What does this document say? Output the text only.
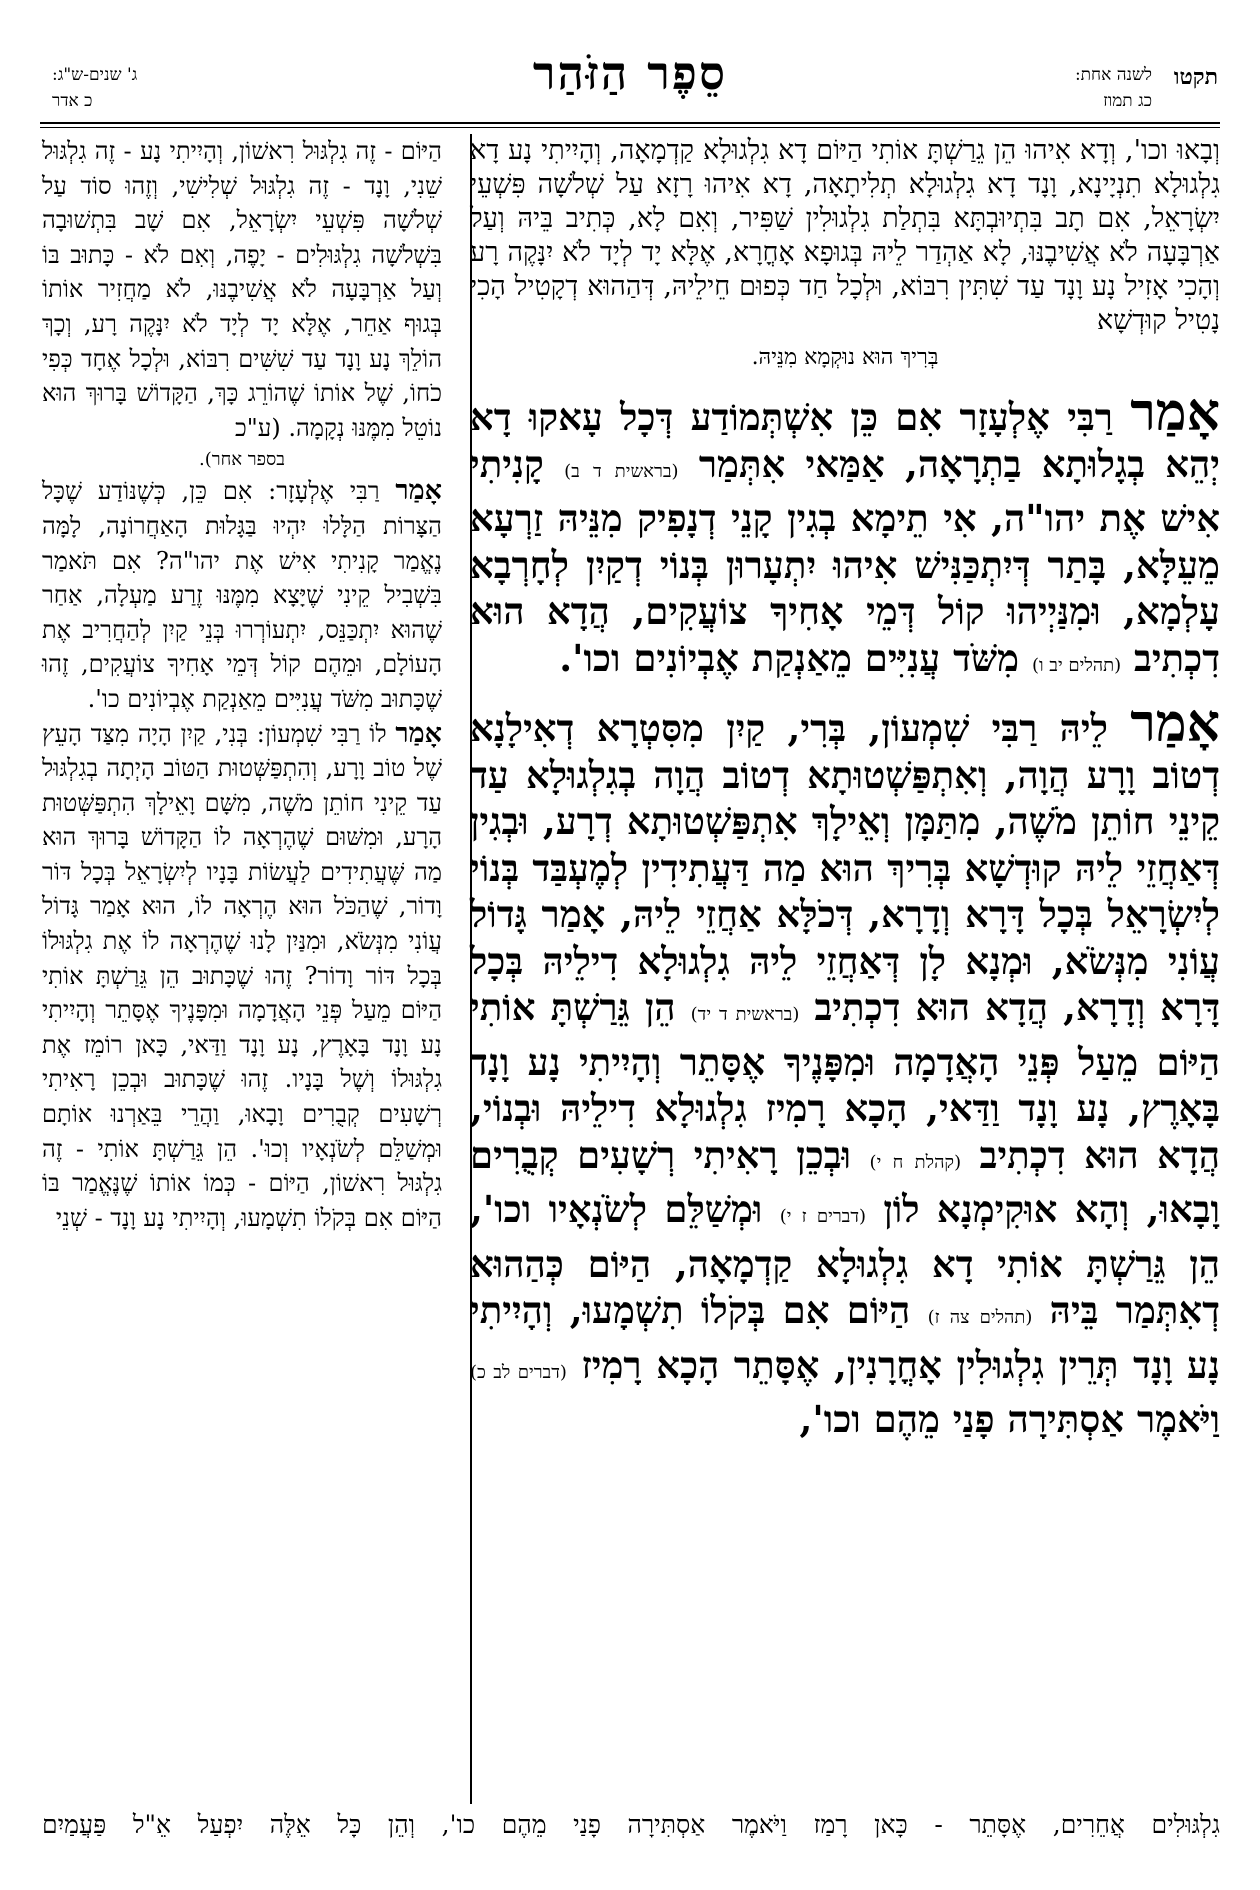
תקטו
לשנה אחת:
כג תמוז
סֵפֶר הַזֹּהַר
ג' שנים-ש"ג:
כ אדר

וְבָאוּ וכו', וְדָא אִיהוּ הֵן גֵרַשְׁתָּ אוֹתִי הַיּוֹם דָא גִלְגוּלָא קַדְמָאָה, וְהָיִיתִי נָע דָא גִלְגוּלָא תִנְיָינָא, וָנָד דָא גִלְגוּלָא תְלִיתָאָה, דָא אִיהוּ רָזָא עַל שְׁלֹשָׁה פִּשְׁעֵי יִשְׂרָאֵל, אִם תָב בִּתְיוּבְתָּא בִּתְלַת גִלְגוּלִין שַׁפִּיר, וְאִם לָא, כְּתִיב בֵּיהּ וְעַל אַרְבָּעָה לֹא אֲשִׁיבֶנּוּ, לָא אַהְדַר לֵיהּ בְּגוּפָא אָחֳרָא, אֶלָּא יָד לְיָד לֹא יִנָּקֶה רָע וְהָכִי אָזִיל נָע וָנָד עַד שִׁתִּין רִבּוֹא, וּלְכָל חַד כְּפוּם חֵילֵיהּ, דְּהַהוּא דְקָטִיל הָכִי נָטִיל קוּדְשָׁא

בְּרִיךְ הוּא נוּקְמָא מִנֵּיהּ.

אָמַר רַבִּי אֶלְעָזָר אִם כֵּן אִשְׁתְּמוֹדַע דְּכָל עָאקוּ דָא יְהֵא בְגָלוּתָא בַתְרָאָה, אַמַּאי אִתְּמַר (בראשית ד ב) קָנִיתִי אִישׁ אֶת יהו"ה, אִי תֵימָא בְגִין קָנֵי דְנָפִיק מִנֵּיהּ זַרְעָא מֵעֵלָּא, בָּתַר דְּיִתְכַּנִּישׁ אִיהוּ יִתְעָרוּן בְּנוֹי דְקַיִן לְחָרְבָא עָלְמָא, וּמִנַּיְיהוּ קוֹל דְּמֵי אָחִיךָ צוֹעֲקִים, הֲדָא הוּא דִכְתִיב (תהלים יב ו) מִשֹּׁד עֲנִיִּים מֵאַנְקַת אֶבְיוֹנִים וכו'.

אָמַר לֵיהּ רַבִּי שִׁמְעוֹן, בְּרִי, קַיִן מִסִּטְרָא דְאִילָנָא דְטוֹב וָרָע הֲוָה, וְאִתְפַּשְׁטוּתָא דְטוֹב הֲוָה בְגִלְגוּלָא עַד קֵינֵי חוֹתֵן מֹשֶׁה, מִתַּמָּן וְאֵילָךְ אִתְפַּשְׁטוּתָא דְרָע, וּבְגִין דְּאַחֲזֵי לֵיהּ קוּדְשָׁא בְּרִיךְ הוּא מַה דַּעֲתִידִין לְמֶעְבַּד בְּנוֹי לְיִשְׂרָאֵל בְּכָל דָּרָא וְדָרָא, דְּכֹלָּא אַחֲזֵי לֵיהּ, אָמַר גָּדוֹל עֲוֹנִי מִנְּשֹׂא, וּמְנָא לָן דְּאַחֲזֵי לֵיהּ גִלְגוּלָא דִילֵיהּ בְּכָל דָּרָא וְדָרָא, הֲדָא הוּא דִכְתִיב (בראשית ד יד) הֵן גֵּרַשְׁתָּ אוֹתִי הַיּוֹם מֵעַל פְּנֵי הָאֲדָמָה וּמִפָּנֶיךָ אֶסָּתֵר וְהָיִיתִי נָע וָנָד בָּאָרֶץ, נָע וָנָד וַדַּאי, הָכָא רָמִיז גִלְגוּלָא דִילֵיהּ וּבְנוֹי, הֲדָא הוּא דִכְתִיב (קהלת ח י) וּבְכֵן רָאִיתִי רְשָׁעִים קְבֻרִים וָבָאוּ, וְהָא אוּקִימְנָא לוֹן (דברים ז י) וּמְשַׁלֵּם לְשֹׂנְאָיו וכו', הֵן גֵּרַשְׁתָּ אוֹתִי דָא גִלְגוּלָא קַדְמָאָה, הַיּוֹם כְּהַהוּא דְאִתְּמַר בֵּיהּ (תהלים צה ז) הַיּוֹם אִם בְּקֹלוֹ תִשְׁמָעוּ, וְהָיִיתִי נָע וָנָד תְּרֵין גִלְגוּלִין אָחֳרָנִין, אֶסָּתֵר הָכָא רָמִיז (דברים לב כ) וַיֹּאמֶר אַסְתִּירָה פָנַי מֵהֶם וכו',

הַיּוֹם - זֶה גִלְגּוּל רִאשׁוֹן, וְהָיִיתִי נָע - זֶה גִלְגּוּל שֵׁנִי, וָנָד - זֶה גִלְגּוּל שְׁלִישִׁי, וְזֶהוּ סוֹד עַל שְׁלֹשָׁה פִּשְׁעֵי יִשְׂרָאֵל, אִם שָׁב בִּתְשׁוּבָה בִּשְׁלֹשָׁה גִלְגּוּלִים - יָפֶה, וְאִם לֹא - כָּתוּב בּוֹ וְעַל אַרְבָּעָה לֹא אֲשִׁיבֶנּוּ, לֹא מַחֲזִיר אוֹתוֹ בְּגוּף אַחֵר, אֶלָּא יָד לְיָד לֹא יִנָּקֶה רָע, וְכָךְ הוֹלֵךְ נָע וָנָד עַד שִׁשִּׁים רִבּוֹא, וּלְכָל אֶחָד כְּפִי כֹחוֹ, שֶׁל אוֹתוֹ שֶׁהוֹרֵג כָּךְ, הַקָּדוֹשׁ בָּרוּךְ הוּא נוֹטֵל מִמֶּנּוּ נְקָמָה. (ע"כ

בספר אחר).

אָמַר רַבִּי אֶלְעָזָר: אִם כֵּן, כְּשֶׁנּוֹדַע שֶׁכָּל הַצָּרוֹת הַלָּלוּ יִהְיוּ בַּגָּלוּת הָאַחֲרוֹנָה, לָמָּה נֶאֱמַר קָנִיתִי אִישׁ אֶת יהו"ה? אִם תֹּאמַר בִּשְׁבִיל קֵינִי שֶׁיָּצָא מִמֶּנּוּ זֶרַע מַעְלָה, אַחַר שֶׁהוּא יִתְכַּנֵּס, יִתְעוֹרְרוּ בְּנֵי קַיִן לְהַחֲרִיב אֶת הָעוֹלָם, וּמֵהֶם קוֹל דְּמֵי אָחִיךָ צוֹעֲקִים, זֶהוּ שֶׁכָּתוּב מִשֹּׁד עֲנִיִּים מֵאַנְקַת אֶבְיוֹנִים כו'.

אָמַר לוֹ רַבִּי שִׁמְעוֹן: בְּנִי, קַיִן הָיָה מִצַּד הָעֵץ שֶׁל טוֹב וָרָע, וְהִתְפַּשְּׁטוּת הַטּוֹב הָיְתָה בְגִלְגּוּל עַד קֵינִי חוֹתֵן מֹשֶׁה, מִשָּׁם וָאֵילָךְ הִתְפַּשְּׁטוּת הָרָע, וּמִשּׁוּם שֶׁהֶרְאָה לוֹ הַקָּדוֹשׁ בָּרוּךְ הוּא מַה שֶּׁעֲתִידִים לַעֲשׂוֹת בָּנָיו לְיִשְׂרָאֵל בְּכָל דּוֹר וָדוֹר, שֶׁהַכֹּל הוּא הֶרְאָה לוֹ, הוּא אָמַר גָּדוֹל עֲוֹנִי מִנְּשֹׂא, וּמִנַּיִן לָנוּ שֶׁהֶרְאָה לוֹ אֶת גִלְגּוּלוֹ בְּכָל דּוֹר וָדוֹר? זֶהוּ שֶׁכָּתוּב הֵן גֵּרַשְׁתָּ אוֹתִי הַיּוֹם מֵעַל פְּנֵי הָאֲדָמָה וּמִפָּנֶיךָ אֶסָּתֵר וְהָיִיתִי נָע וָנָד בָּאָרֶץ, נָע וָנָד וַדַּאי, כָּאן רוֹמֵז אֶת גִלְגּוּלוֹ וְשֶׁל בָּנָיו. זֶהוּ שֶׁכָּתוּב וּבְכֵן רָאִיתִי רְשָׁעִים קְבֻרִים וָבָאוּ, וַהֲרֵי בֵּאַרְנוּ אוֹתָם וּמְשַׁלֵּם לְשֹׂנְאָיו וְכוּ'. הֵן גֵּרַשְׁתָּ אוֹתִי - זֶה גִלְגּוּל רִאשׁוֹן, הַיּוֹם - כְּמוֹ אוֹתוֹ שֶׁנֶּאֱמַר בּוֹ הַיּוֹם אִם בְּקֹלוֹ תִשְׁמָעוּ, וְהָיִיתִי נָע וָנָד - שְׁנֵי

גִלְגּוּלִים אֲחֵרִים, אֶסָּתֵר - כָּאן רָמַז וַיֹּאמֶר אַסְתִּירָה פָנַי מֵהֶם כו', וְהֵן כָּל אֵלֶּה יִפְעַל אֵ"ל פַּעֲמַיִם
